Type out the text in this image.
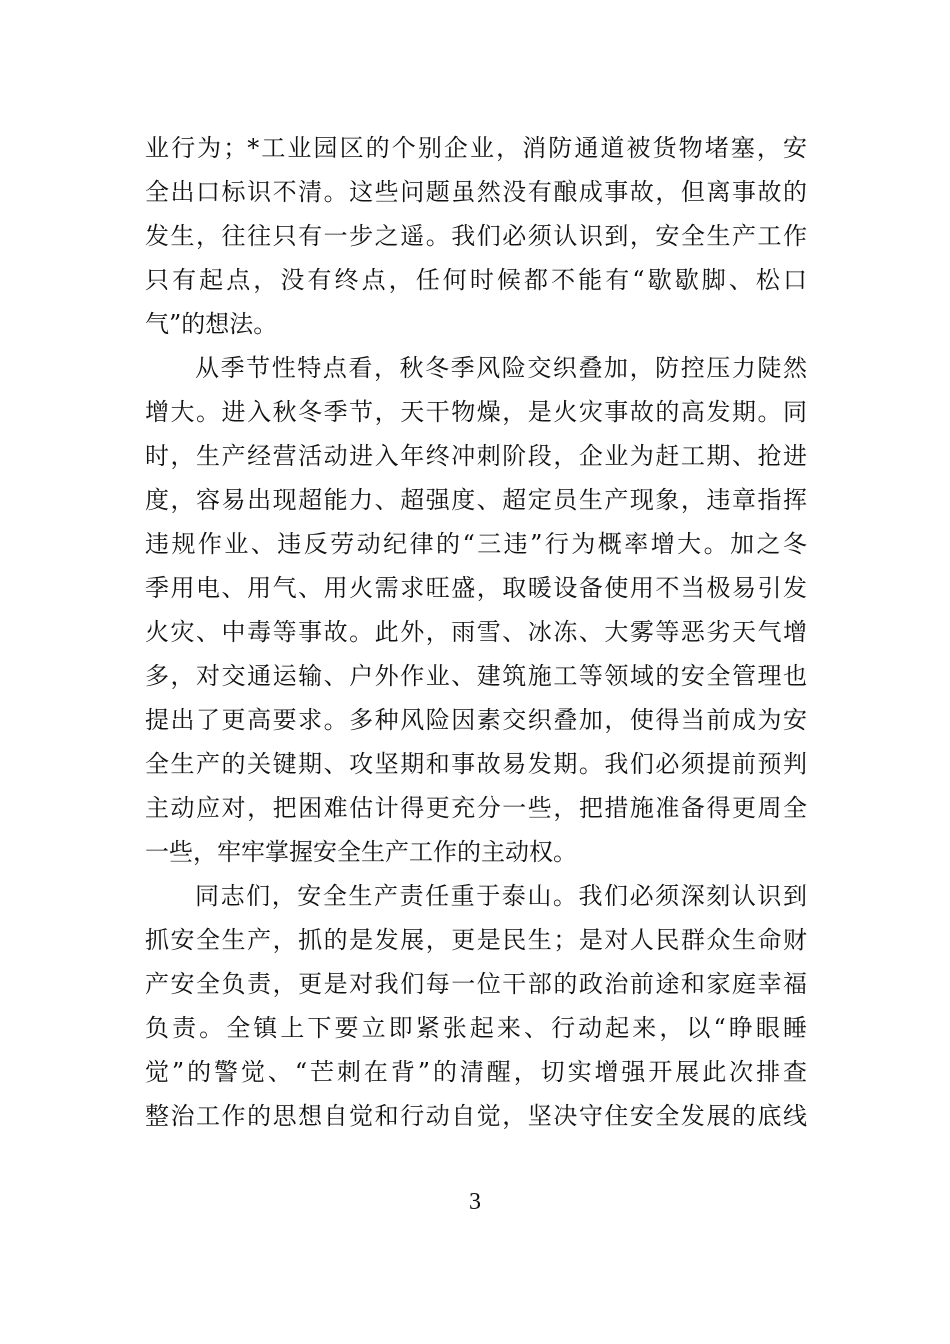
业行为；*工业园区的个别企业，消防通道被货物堵塞，安
全出口标识不清。这些问题虽然没有酿成事故，但离事故的
发生，往往只有一步之遥。我们必须认识到，安全生产工作
只有起点，没有终点，任何时候都不能有“歇歇脚、松口
气”的想法。
从季节性特点看，秋冬季风险交织叠加，防控压力陡然
增大。进入秋冬季节，天干物燥，是火灾事故的高发期。同
时，生产经营活动进入年终冲刺阶段，企业为赶工期、抢进
度，容易出现超能力、超强度、超定员生产现象，违章指挥
违规作业、违反劳动纪律的“三违”行为概率增大。加之冬
季用电、用气、用火需求旺盛，取暖设备使用不当极易引发
火灾、中毒等事故。此外，雨雪、冰冻、大雾等恶劣天气增
多，对交通运输、户外作业、建筑施工等领域的安全管理也
提出了更高要求。多种风险因素交织叠加，使得当前成为安
全生产的关键期、攻坚期和事故易发期。我们必须提前预判
主动应对，把困难估计得更充分一些，把措施准备得更周全
一些，牢牢掌握安全生产工作的主动权。
同志们，安全生产责任重于泰山。我们必须深刻认识到
抓安全生产，抓的是发展，更是民生；是对人民群众生命财
产安全负责，更是对我们每一位干部的政治前途和家庭幸福
负责。全镇上下要立即紧张起来、行动起来，以“睁眼睡
觉”的警觉、“芒刺在背”的清醒，切实增强开展此次排查
整治工作的思想自觉和行动自觉，坚决守住安全发展的底线
3
